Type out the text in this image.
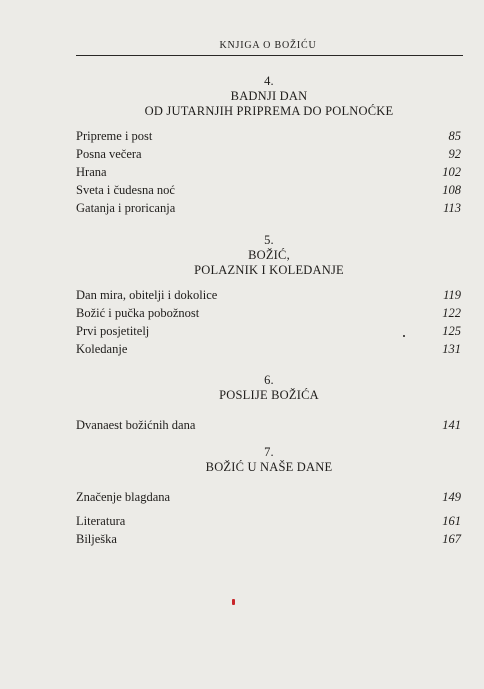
KNJIGA O BOŽIĆU
4.
BADNJI DAN
OD JUTARNJIH PRIPREMA DO POLNOĆKE
Pripreme i post	85
Posna večera	92
Hrana	102
Sveta i čudesna noć	108
Gatanja i proricanja	113
5.
BOŽIĆ,
POLAZNIK I KOLEDANJE
Dan mira, obitelji i dokolice	119
Božić i pučka pobožnost	122
Prvi posjetitelj	125
Koledanje	131
6.
POSLIJE BOŽIĆA
Dvanaest božićnih dana	141
7.
BOŽIĆ U NAŠE DANE
Značenje blagdana	149
Literatura	161
Bilješka	167
